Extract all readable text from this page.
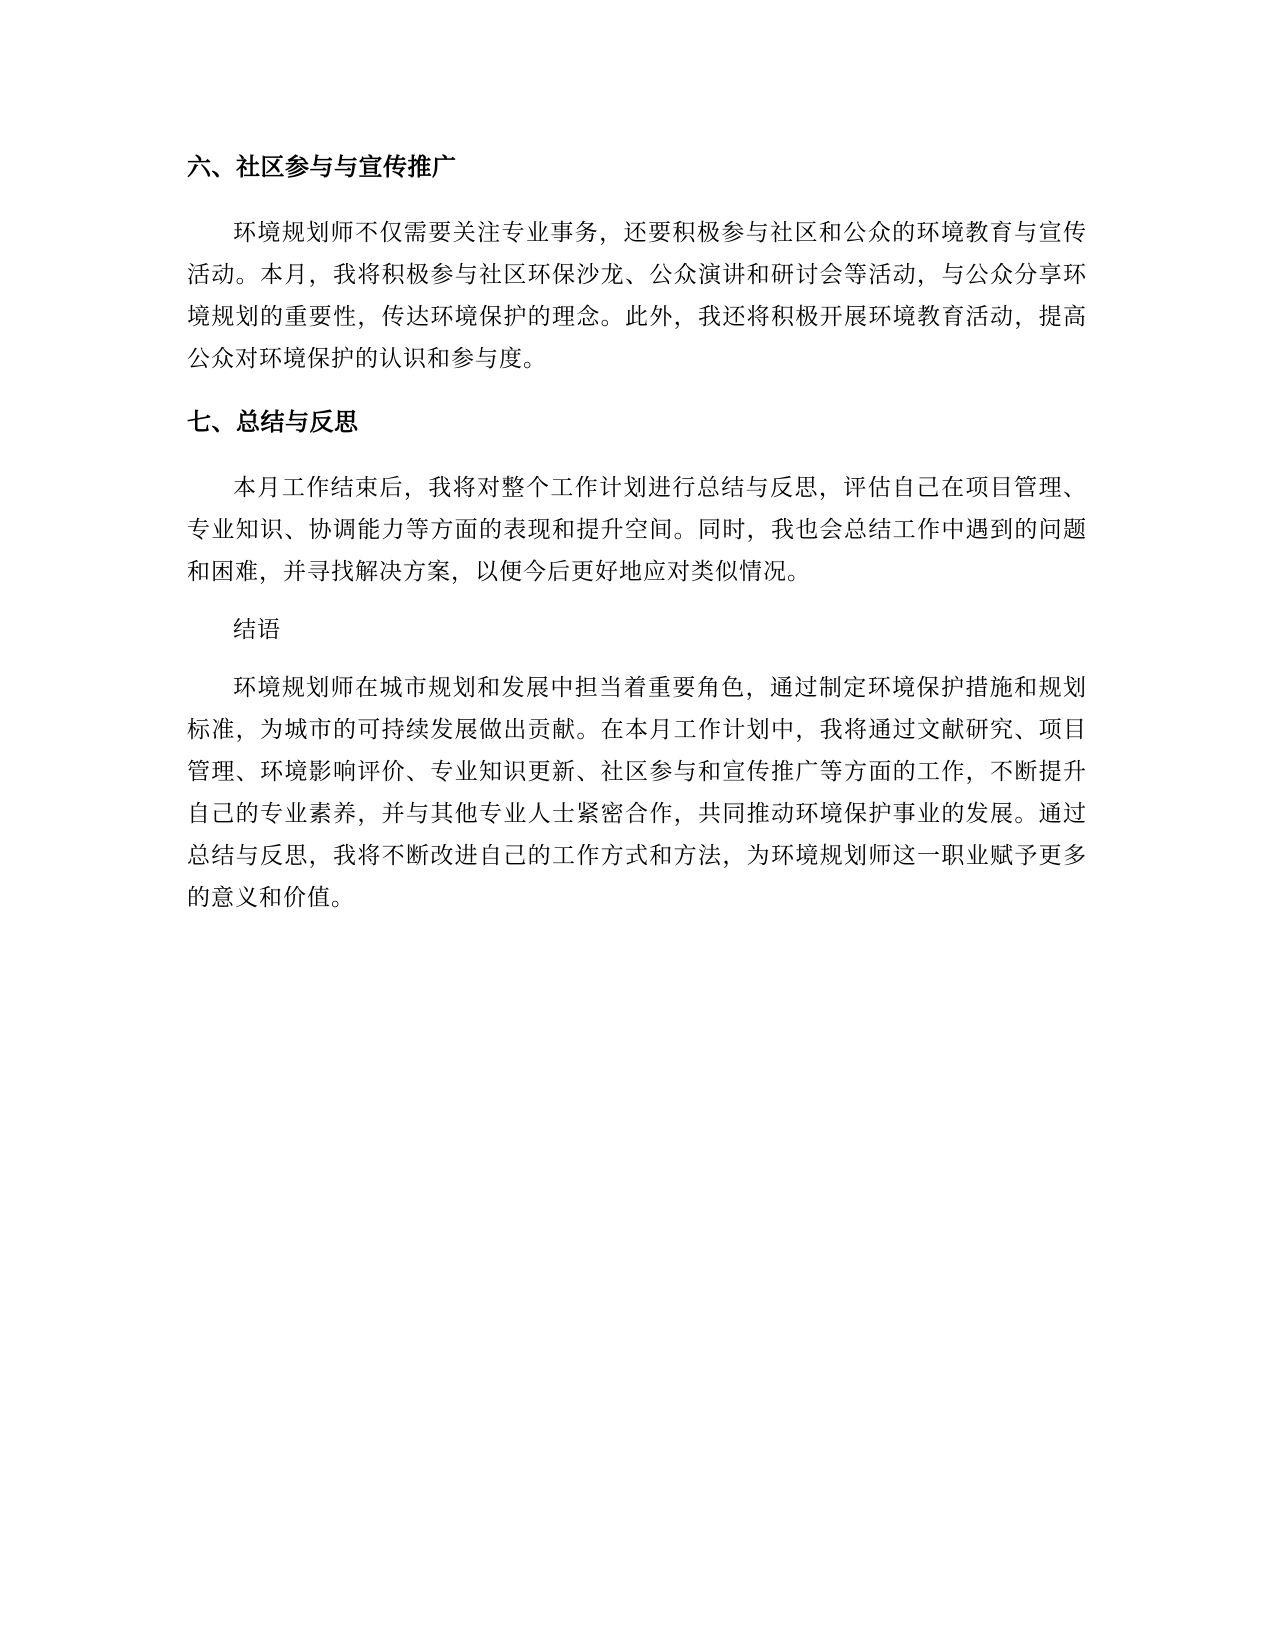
六、社区参与与宣传推广

环境规划师不仅需要关注专业事务，还要积极参与社区和公众的环境教育与宣传活动。本月，我将积极参与社区环保沙龙、公众演讲和研讨会等活动，与公众分享环境规划的重要性，传达环境保护的理念。此外，我还将积极开展环境教育活动，提高公众对环境保护的认识和参与度。

七、总结与反思

本月工作结束后，我将对整个工作计划进行总结与反思，评估自己在项目管理、专业知识、协调能力等方面的表现和提升空间。同时，我也会总结工作中遇到的问题和困难，并寻找解决方案，以便今后更好地应对类似情况。

结语

环境规划师在城市规划和发展中担当着重要角色，通过制定环境保护措施和规划标准，为城市的可持续发展做出贡献。在本月工作计划中，我将通过文献研究、项目管理、环境影响评价、专业知识更新、社区参与和宣传推广等方面的工作，不断提升自己的专业素养，并与其他专业人士紧密合作，共同推动环境保护事业的发展。通过总结与反思，我将不断改进自己的工作方式和方法，为环境规划师这一职业赋予更多的意义和价值。
